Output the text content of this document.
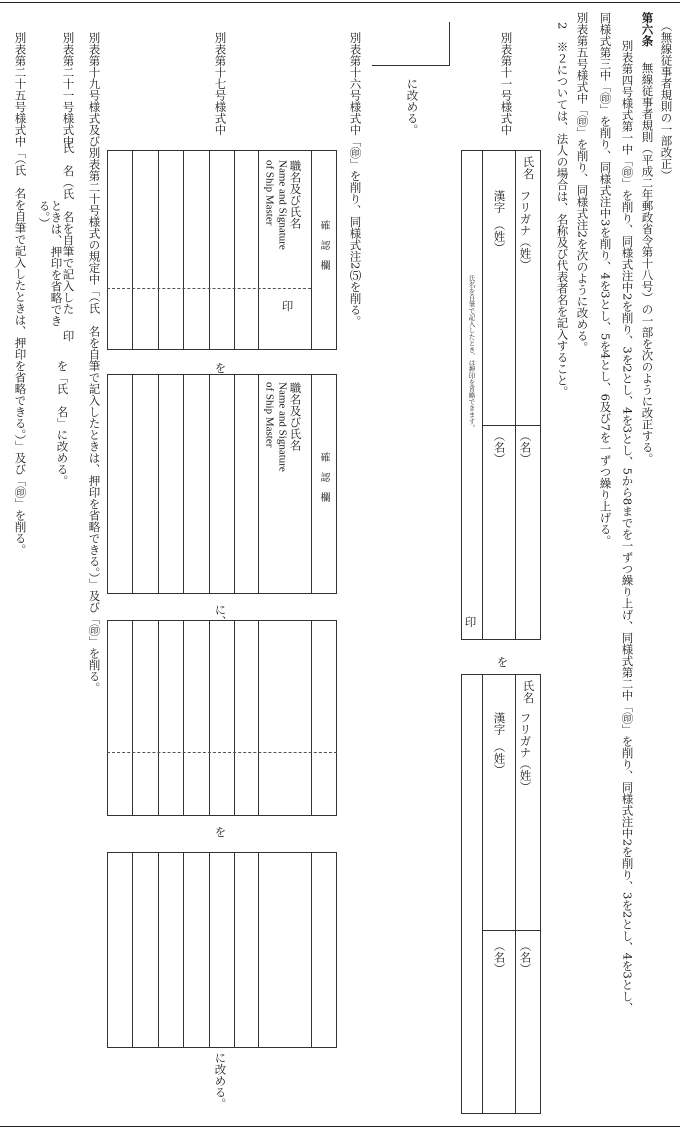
（無線従事者規則の一部改正）
第六条
無線従事者規則（平成二年郵政省令第十八号）の一部を次のように改正する。
別表第四号様式第一中「㊞」を削り、同様式注中2を削り、3を2とし、4を3とし、5から8までを一ずつ繰り上げ、同様式第二中「㊞」を削り、同様式注中2を削り、3を2とし、4を3とし、
同様式第三中「㊞」を削り、同様式注中3を削り、4を3とし、5を4とし、6及び7を一ずつ繰り上げる。
別表第五号様式中「㊞」を削り、同様式注2を次のように改める。
2　※２については、法人の場合は、名称及び代表者名を記入すること。
別表第十一号様式中
氏
名
フリガナ（姓）
漢字　（姓）
（名）
（名）
氏名を自筆で記入したとき、は押印を省略できます。
印
を
氏
名
フリガナ（姓）
漢字　（姓）
（名）
（名）
に改める。
別表第十六号様式中「㊞」を削り、同様式注2⑸を削る。
別表第十七号様式中
確　認　欄
職名及び氏名
Name and Signature
of Ship Master
印
を
確　認　欄
職名及び氏名
Name and Signature
of Ship Master
に、
を
に改める。
別表第十九号様式及び別表第二十号様式の規定中「（氏　名を自筆で記入したときは、押印を省略できる。）」及び「㊞」を削る。
別表第二十一号様式中
氏　名（氏　名を自筆で記入した
ときは、押印を省略でき
る。）
印
を「氏　名」に改める。
別表第二十五号様式中「（氏　名を自筆で記入したときは、押印を省略できる。）」及び「㊞」を削る。
